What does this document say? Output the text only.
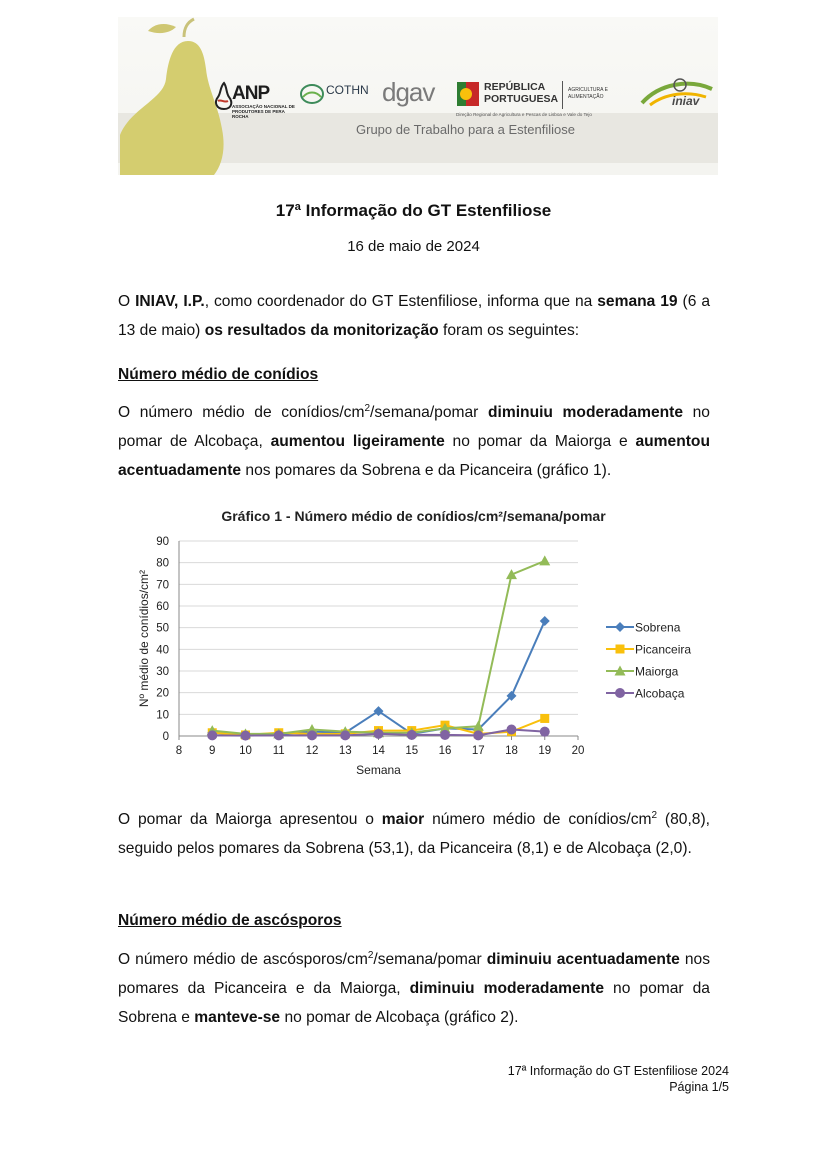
ANP
ASSOCIAÇÃO NACIONAL DE PRODUTORES DE PERA ROCHA
COTHN dgav	REPÚBLICA PORTUGUESA
AGRICULTURA E ALIMENTAÇÃO
Direção Regional de Agricultura e Pescas de Lisboa e Vale do Tejo
iniav
Grupo de Trabalho para a Estenfiliose
17ª Informação do GT Estenfiliose
16 de maio de 2024
O INIAV, I.P., como coordenador do GT Estenfiliose, informa que na semana 19 (6 a 13 de maio) os resultados da monitorização foram os seguintes:
Número médio de conídios
O número médio de conídios/$cm^2/semana$/pomar diminuiu moderadamente no pomar de Alcobaça, aumentou ligeiramente no pomar da Maiorga e aumentou acentuadamente nos pomares da Sobrena e da Picanceira (gráfico 1).
Gráfico 1 - Número médio de conídios/cm²/semana/pomar
0
10
20
30
40
50
60
70
80
90
8 9 10 11 12 13 14 15 16 17 18 19 20
Semana
Nº médio de conídios/cm²	Sobrena
Picanceira
Maiorga
Alcobaça
O pomar da Maiorga apresentou o maior número médio de conídios/$cm^2$ (80,8), seguido pelos pomares da Sobrena (53,1), da Picanceira (8,1) e de Alcobaça (2,0).
Número médio de ascósporos
O número médio de ascósporos/$cm^2/semana$/pomar diminuiu acentuadamente nos pomares da Picanceira e da Maiorga, diminuiu moderadamente no pomar da Sobrena e manteve-se no pomar de Alcobaça (gráfico 2).
17ª Informação do GT Estenfiliose 2024
Página 1/5
